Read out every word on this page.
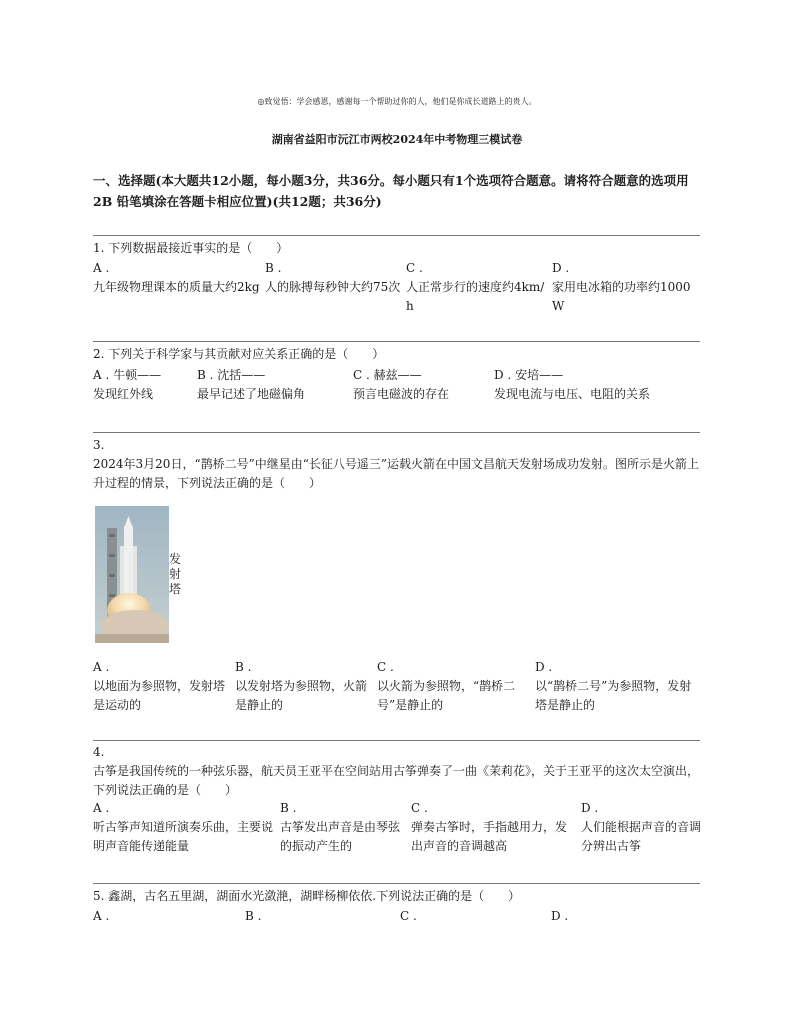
◎致觉悟：学会感恩，感谢每一个帮助过你的人，他们是你成长道路上的贵人。
湖南省益阳市沅江市两校2024年中考物理三模试卷
一、选择题(本大题共12小题，每小题3分，共36分。每小题只有1个选项符合题意。请将符合题意的选项用 2B 铅笔填涂在答题卡相应位置)(共12题；共36分)
1. 下列数据最接近事实的是（　　）
A .
九年级物理课本的质量大约2kg
B .
人的脉搏每秒钟大约75次
C .
人正常步行的速度约4km/h
D .
家用电冰箱的功率约1000W
2. 下列关于科学家与其贡献对应关系正确的是（　　）
A . 牛顿——
发现红外线
B . 沈括——
最早记述了地磁偏角
C . 赫兹——
预言电磁波的存在
D . 安培——
发现电流与电压、电阻的关系
3.
2024年3月20日，“鹊桥二号”中继星由“长征八号遥三”运载火箭在中国文昌航天发射场成功发射。图所示是火箭上升过程的情景，下列说法正确的是（　　）
发射塔
A .
以地面为参照物，发射塔是运动的
B .
以发射塔为参照物，火箭是静止的
C .
以火箭为参照物，“鹊桥二号”是静止的
D .
以“鹊桥二号”为参照物，发射塔是静止的
4.
古筝是我国传统的一种弦乐器，航天员王亚平在空间站用古筝弹奏了一曲《茉莉花》，关于王亚平的这次太空演出，下列说法正确的是（　　）
A .
听古筝声知道所演奏乐曲，主要说明声音能传递能量
B .
古筝发出声音是由琴弦的振动产生的
C .
弹奏古筝时，手指越用力，发出声音的音调越高
D .
人们能根据声音的音调分辨出古筝
5. 鑫湖，古名五里湖，湖面水光潋滟，湖畔杨柳依依.下列说法正确的是（　　）
A .	B .	C .	D .
